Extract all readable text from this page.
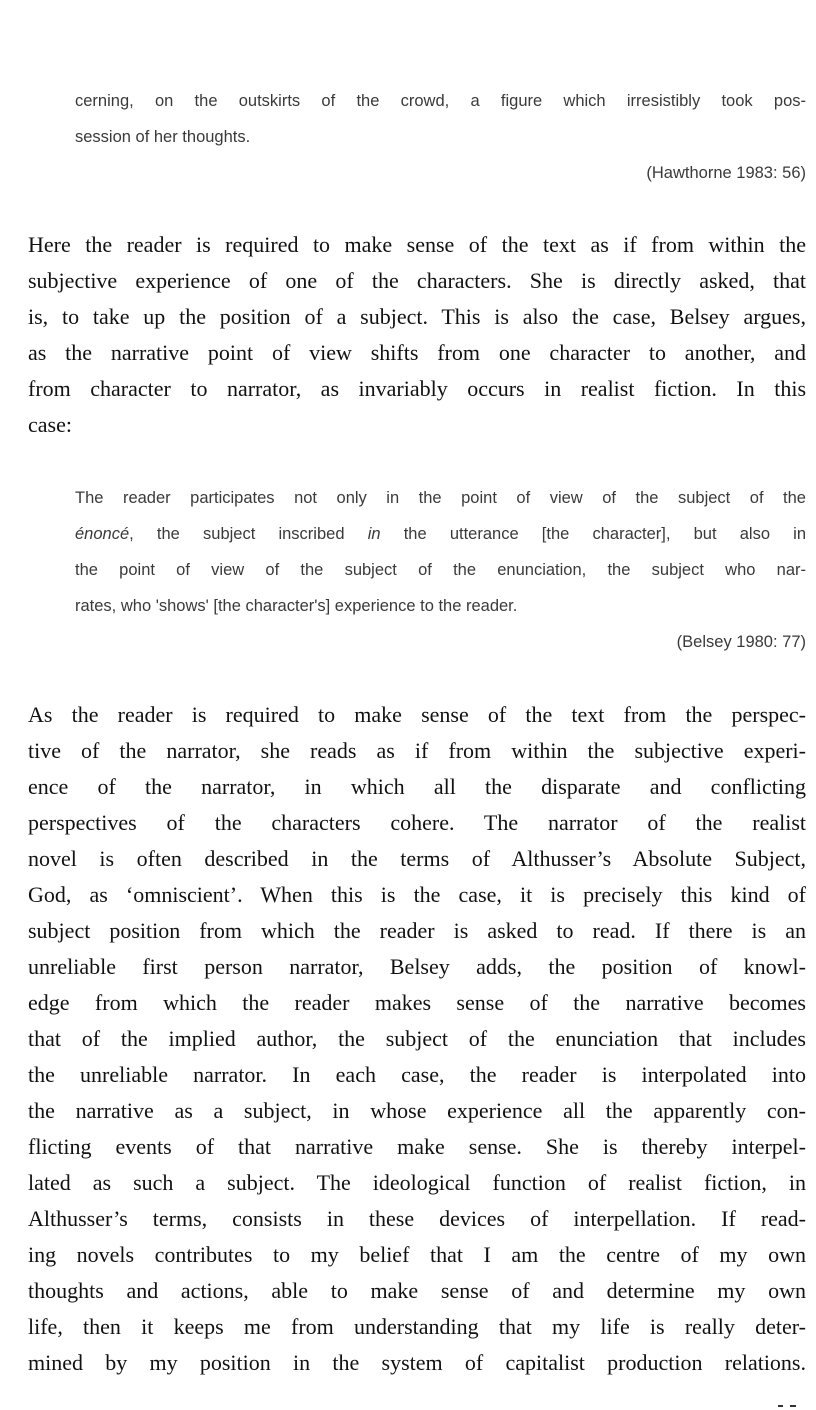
cerning, on the outskirts of the crowd, a figure which irresistibly took pos-
session of her thoughts.
(Hawthorne 1983: 56)
Here the reader is required to make sense of the text as if from within the
subjective experience of one of the characters. She is directly asked, that
is, to take up the position of a subject. This is also the case, Belsey argues,
as the narrative point of view shifts from one character to another, and
from character to narrator, as invariably occurs in realist fiction. In this
case:
The reader participates not only in the point of view of the subject of the
énoncé, the subject inscribed in the utterance [the character], but also in
the point of view of the subject of the enunciation, the subject who nar-
rates, who 'shows' [the character's] experience to the reader.
(Belsey 1980: 77)
As the reader is required to make sense of the text from the perspec-
tive of the narrator, she reads as if from within the subjective experi-
ence of the narrator, in which all the disparate and conflicting
perspectives of the characters cohere. The narrator of the realist
novel is often described in the terms of Althusser’s Absolute Subject,
God, as ‘omniscient’. When this is the case, it is precisely this kind of
subject position from which the reader is asked to read. If there is an
unreliable first person narrator, Belsey adds, the position of knowl-
edge from which the reader makes sense of the narrative becomes
that of the implied author, the subject of the enunciation that includes
the unreliable narrator. In each case, the reader is interpolated into
the narrative as a subject, in whose experience all the apparently con-
flicting events of that narrative make sense. She is thereby interpel-
lated as such a subject. The ideological function of realist fiction, in
Althusser’s terms, consists in these devices of interpellation. If read-
ing novels contributes to my belief that I am the centre of my own
thoughts and actions, able to make sense of and determine my own
life, then it keeps me from understanding that my life is really deter-
mined by my position in the system of capitalist production relations.
